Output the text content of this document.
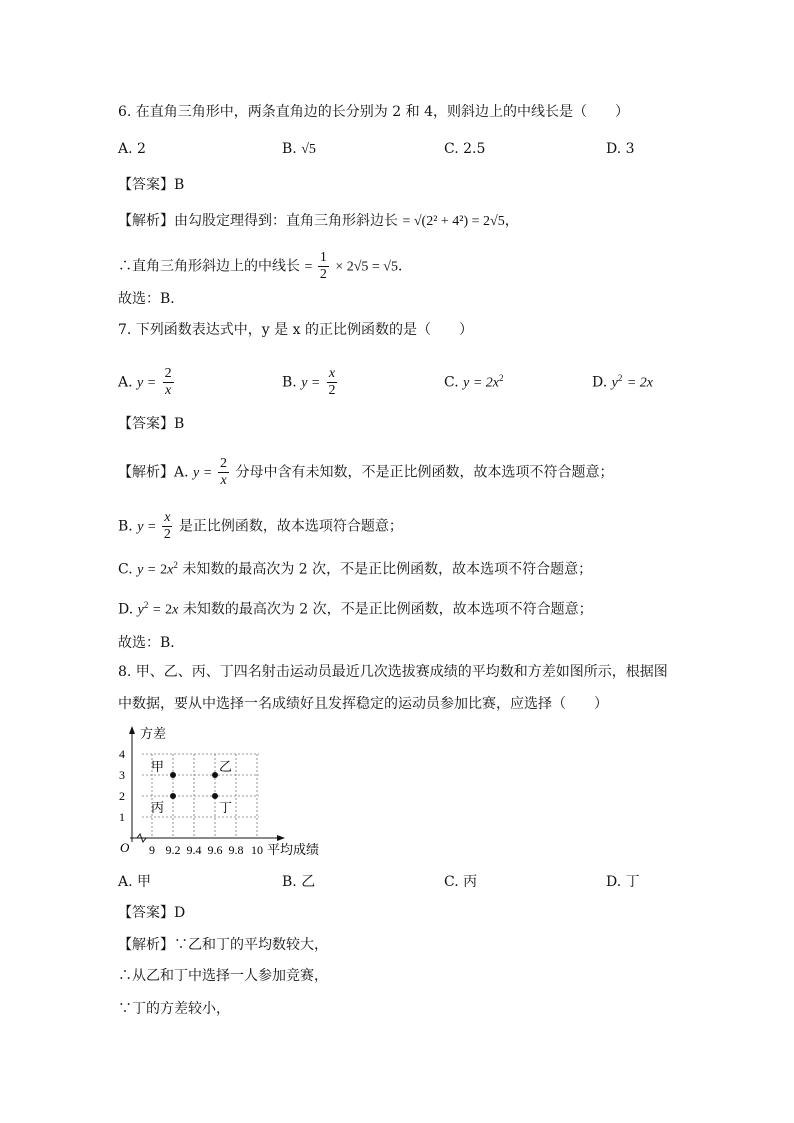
6. 在直角三角形中，两条直角边的长分别为 2 和 4，则斜边上的中线长是（　　）
A. 2	B. √5	C. 2.5	D. 3
【答案】B
【解析】由勾股定理得到：直角三角形斜边长 = √(2² + 4²) = 2√5，
∴直角三角形斜边上的中线长 = $\frac{1}{2} \times 2√5 = √5$．
故选：B．
7. 下列函数表达式中，y 是 x 的正比例函数的是（　　）
A. $y = \frac{2}{x}$	B. $y = \frac{x}{2}$	C. $y = 2x^2$	D. $y^2 = 2x$
【答案】B
【解析】A. $y = \frac{2}{x}$ 分母中含有未知数，不是正比例函数，故本选项不符合题意；
B. $y = \frac{x}{2}$ 是正比例函数，故本选项符合题意；
C. $y = 2x^2$ 未知数的最高次为 2 次，不是正比例函数，故本选项不符合题意；
D. $y^2 = 2x$ 未知数的最高次为 2 次，不是正比例函数，故本选项不符合题意；
故选：B．
8. 甲、乙、丙、丁四名射击运动员最近几次选拔赛成绩的平均数和方差如图所示，根据图
中数据，要从中选择一名成绩好且发挥稳定的运动员参加比赛，应选择（　　）
1
2
3
4
9 9.2 9.4 9.6 9.8 10
O
方差
平均成绩
甲	乙
丙	丁
A. 甲	B. 乙	C. 丙	D. 丁
【答案】D
【解析】∵乙和丁的平均数较大，
∴从乙和丁中选择一人参加竞赛，
∵丁的方差较小，
